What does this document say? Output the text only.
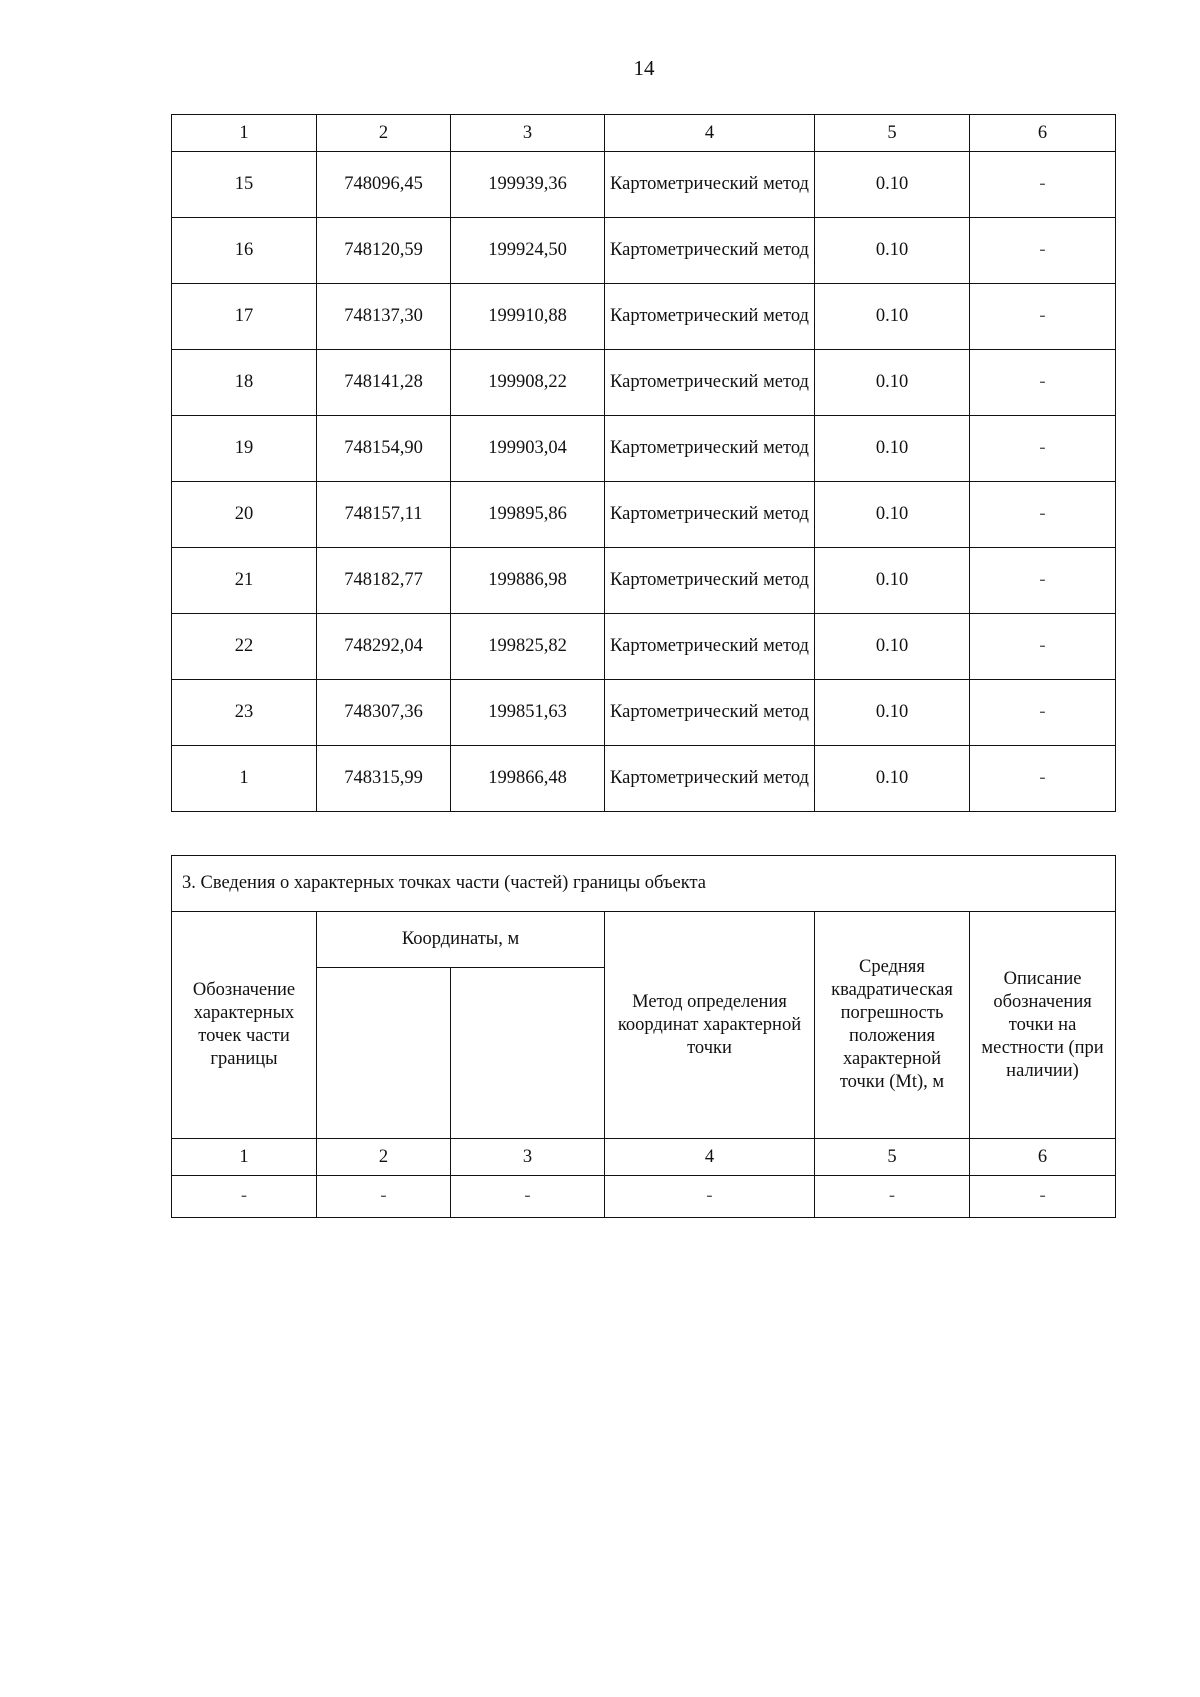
14
1	2	3	4	5	6
15	748096,45	199939,36	Картометрический метод	0.10	-
16	748120,59	199924,50	Картометрический метод	0.10	-
17	748137,30	199910,88	Картометрический метод	0.10	-
18	748141,28	199908,22	Картометрический метод	0.10	-
19	748154,90	199903,04	Картометрический метод	0.10	-
20	748157,11	199895,86	Картометрический метод	0.10	-
21	748182,77	199886,98	Картометрический метод	0.10	-
22	748292,04	199825,82	Картометрический метод	0.10	-
23	748307,36	199851,63	Картометрический метод	0.10	-
1	748315,99	199866,48	Картометрический метод	0.10	-
3. Сведения о характерных точках части (частей) границы объекта					
Обозначение характерных точек части границы	Координаты, м		Метод определения координат характерной точки	Средняя квадратическая погрешность положения характерной точки (Mt), м	Описание обозначения точки на местности (при наличии)

1	2	3	4	5	6
-	-	-	-	-	-
